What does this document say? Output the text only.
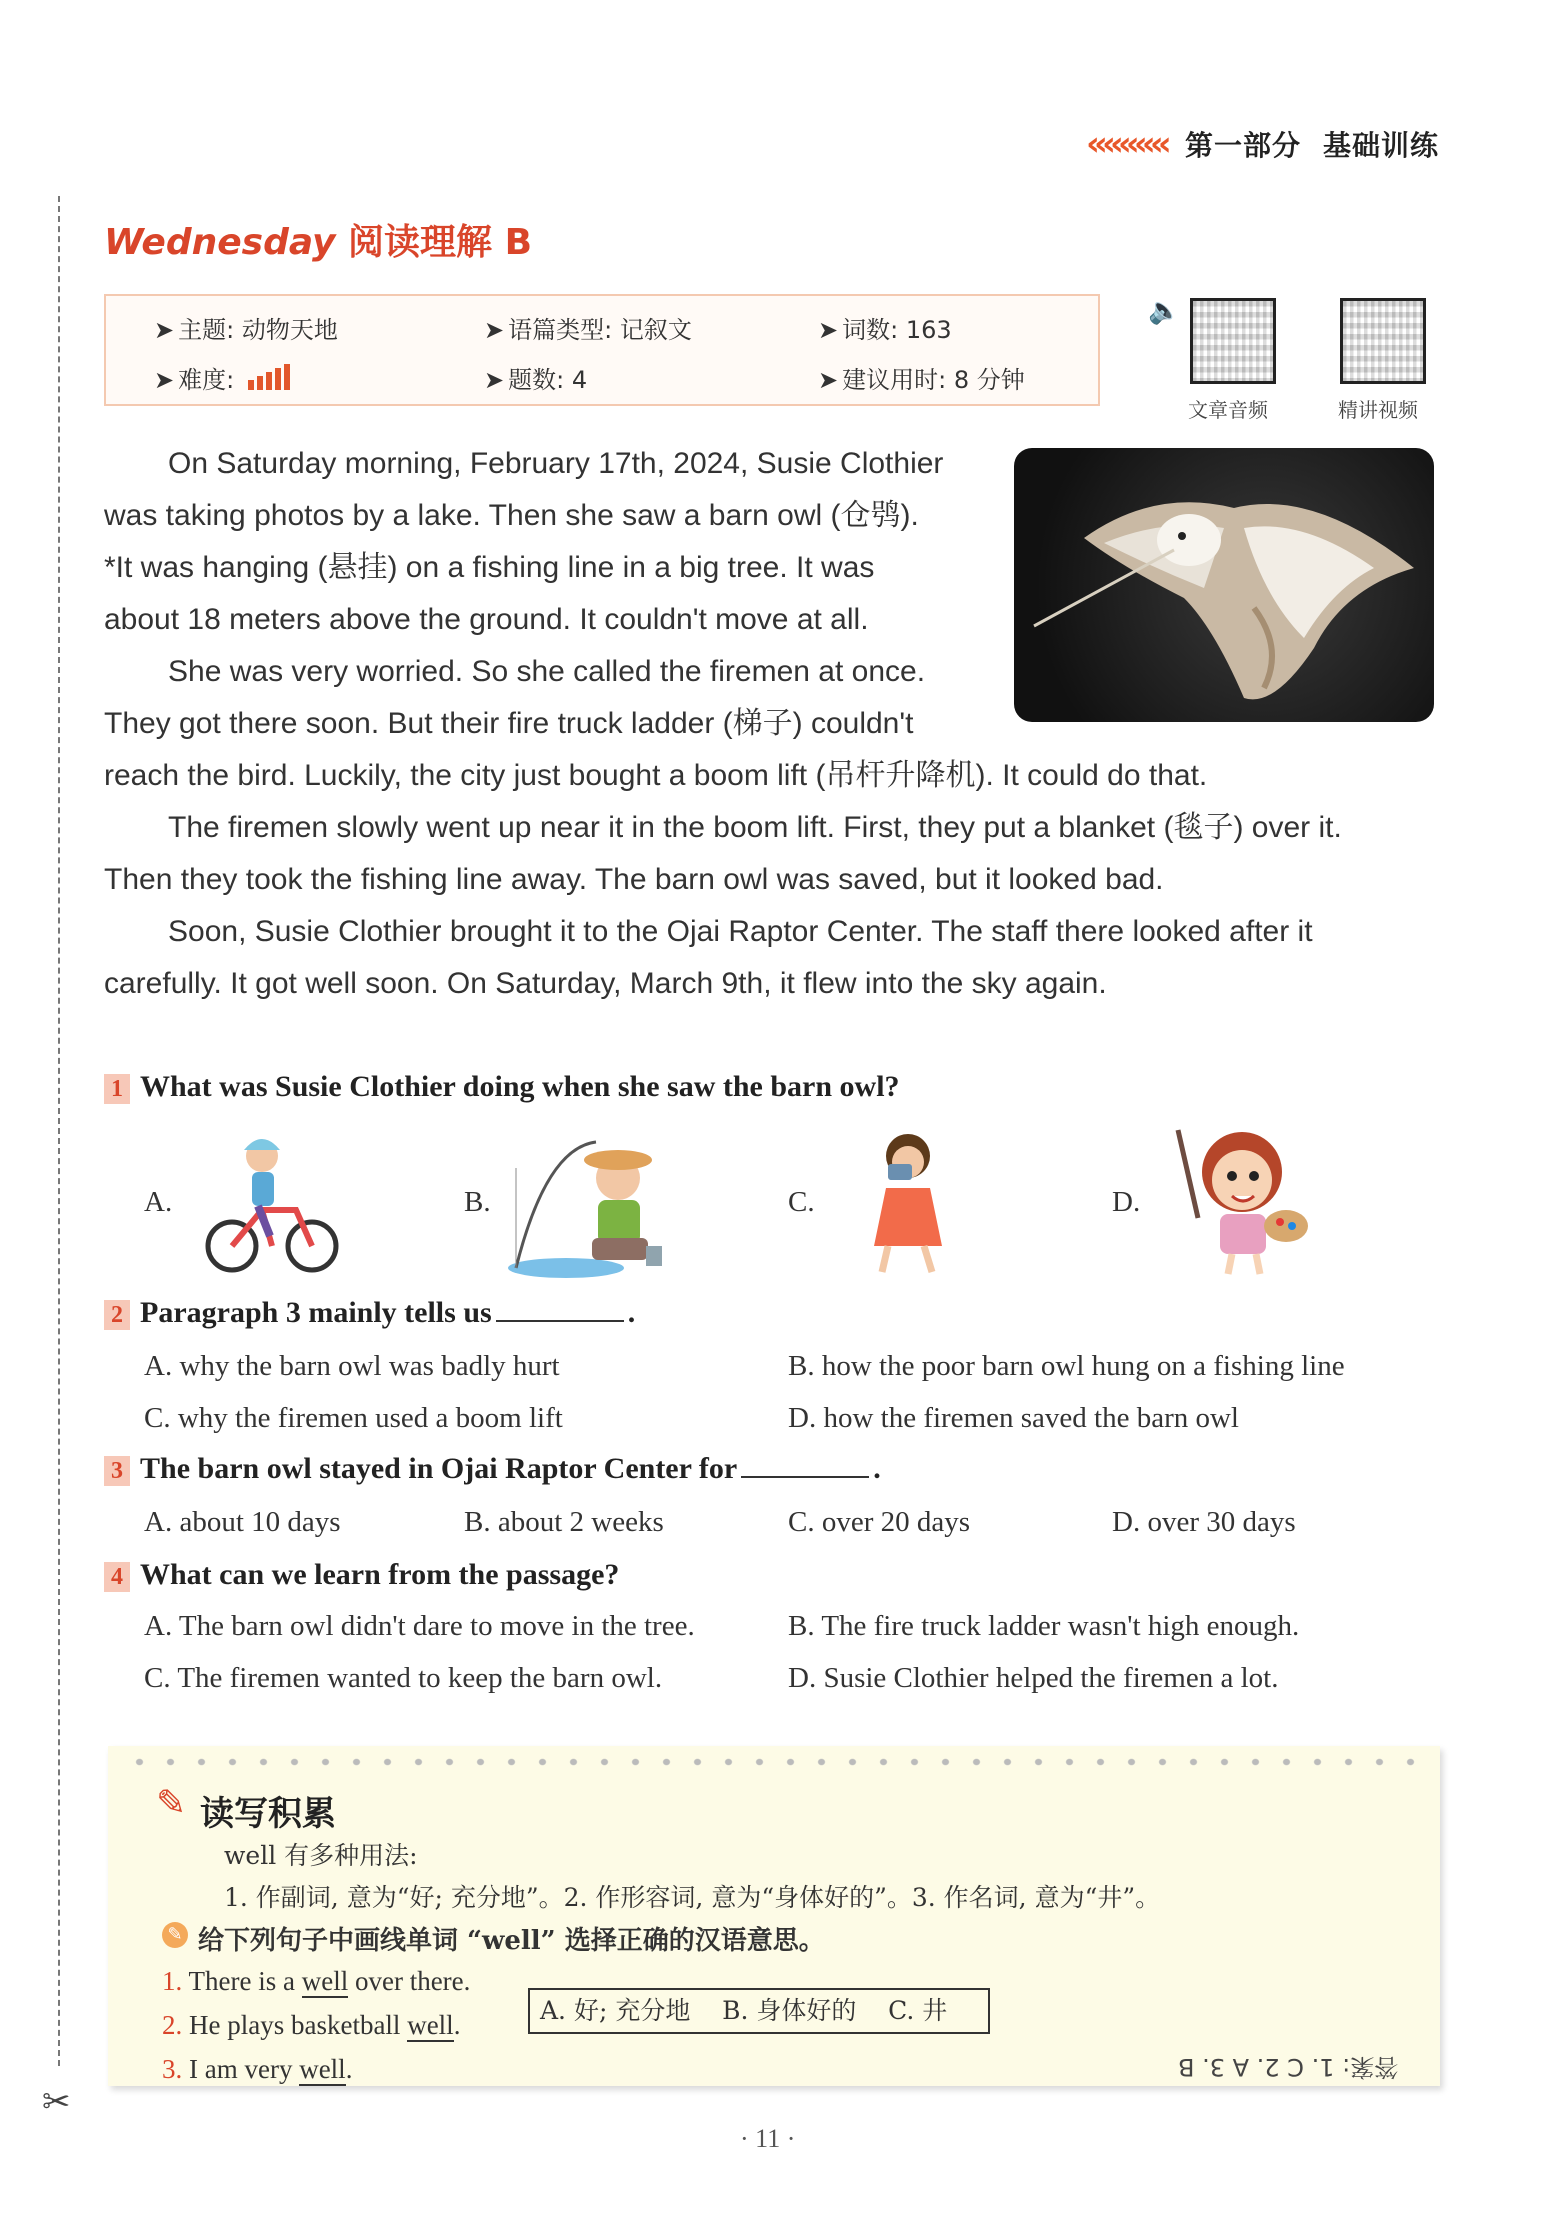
««««« 第一部分 基础训练
✂
Wednesday 阅读理解 B
➤ 主题: 动物天地	➤ 语篇类型: 记叙文	➤ 词数: 163
➤ 难度:	➤ 题数: 4	➤ 建议用时: 8 分钟
🔈
文章音频	精讲视频
On Saturday morning, February 17th, 2024, Susie Clothier
was taking photos by a lake. Then she saw a barn owl (仓鸮).
*It was hanging (悬挂) on a fishing line in a big tree. It was
about 18 meters above the ground. It couldn't move at all.
She was very worried. So she called the firemen at once.
They got there soon. But their fire truck ladder (梯子) couldn't
reach the bird. Luckily, the city just bought a boom lift (吊杆升降机). It could do that.
The firemen slowly went up near it in the boom lift. First, they put a blanket (毯子) over it.
Then they took the fishing line away. The barn owl was saved, but it looked bad.
Soon, Susie Clothier brought it to the Ojai Raptor Center. The staff there looked after it
carefully. It got well soon. On Saturday, March 9th, it flew into the sky again.
1 What was Susie Clothier doing when she saw the barn owl?
A.	B.	C.	D.
2 Paragraph 3 mainly tells us	.
A. why the barn owl was badly hurt	B. how the poor barn owl hung on a fishing line
C. why the firemen used a boom lift	D. how the firemen saved the barn owl
3 The barn owl stayed in Ojai Raptor Center for	.
A. about 10 days	B. about 2 weeks	C. over 20 days	D. over 30 days
4 What can we learn from the passage?
A. The barn owl didn't dare to move in the tree.	B. The fire truck ladder wasn't high enough.
C. The firemen wanted to keep the barn owl.	D. Susie Clothier helped the firemen a lot.
✎ 读写积累
well 有多种用法:
1. 作副词, 意为“好; 充分地”。2. 作形容词, 意为“身体好的”。3. 作名词, 意为“井”。
✎ 给下列句子中画线单词 “well” 选择正确的汉语意思。
1. There is a well over there.
2. He plays basketball well.
3. I am very well.
A. 好; 充分地    B. 身体好的    C. 井
答案: 1. C 2. A 3. B
· 11 ·
